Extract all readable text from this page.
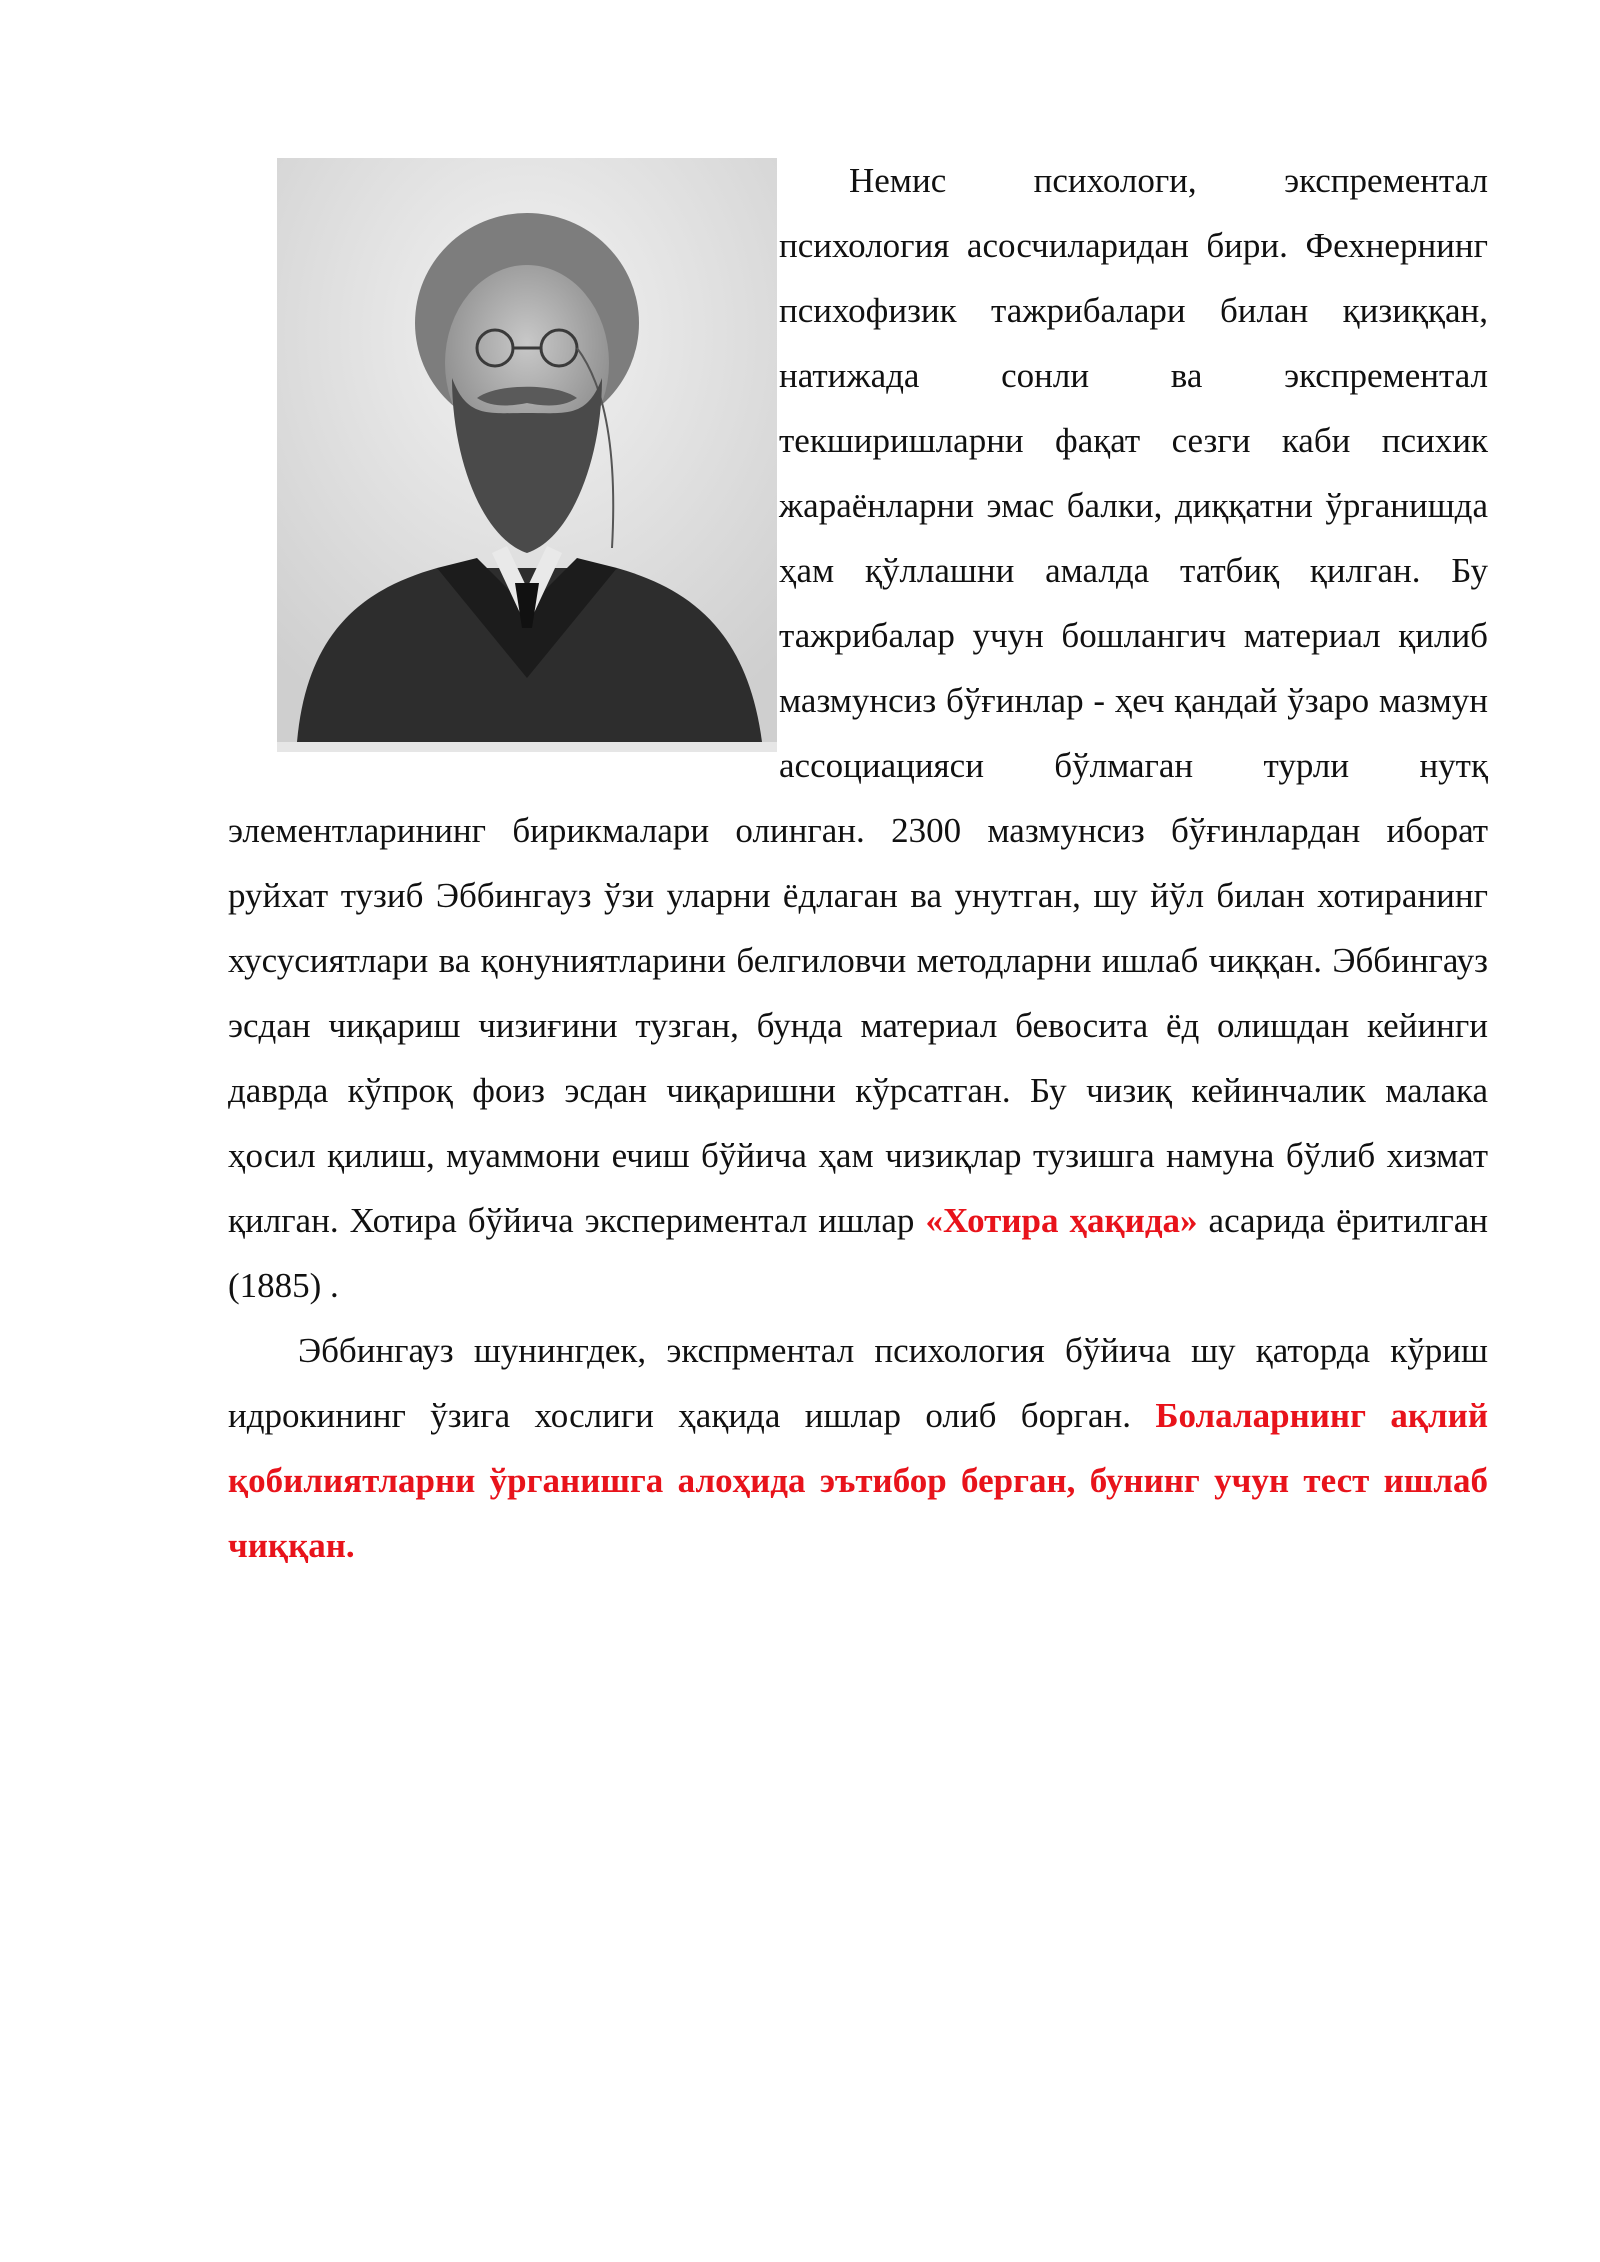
Немис психологи, экспрементал психология асосчиларидан бири. Фехнернинг психофизик тажрибалари билан қизиққан, натижада сонли ва экспрементал текширишларни фақат сезги каби психик жараёнларни эмас балки, диққатни ўрганишда ҳам қўллашни амалда татбиқ қилган. Бу тажрибалар учун бошлангич материал қилиб мазмунсиз бўғинлар - ҳеч қандай ўзаро мазмун ассоциацияси бўлмаган турли нутқ элементларининг бирикмалари олинган. 2300 мазмунсиз бўғинлардан иборат руйхат тузиб Эббингауз ўзи уларни ёдлаган ва унутган, шу йўл билан хотиранинг хусусиятлари ва қонуниятларини белгиловчи методларни ишлаб чиққан. Эббингауз эсдан чиқариш чизиғини тузган, бунда материал бевосита ёд олишдан кейинги даврда кўпроқ фоиз эсдан чиқаришни кўрсатган. Бу чизиқ кейинчалик малака ҳосил қилиш, муаммони ечиш бўйича ҳам чизиқлар тузишга намуна бўлиб хизмат қилган. Хотира бўйича экспериментал ишлар «Хотира ҳақида» асарида ёритилган (1885) .

Эббингауз шунингдек, экспрментал психология бўйича шу қаторда кўриш идрокининг ўзига хослиги ҳақида ишлар олиб борган. Болаларнинг ақлий қобилиятларни ўрганишга алоҳида эътибор берган, бунинг учун тест ишлаб чиққан.
